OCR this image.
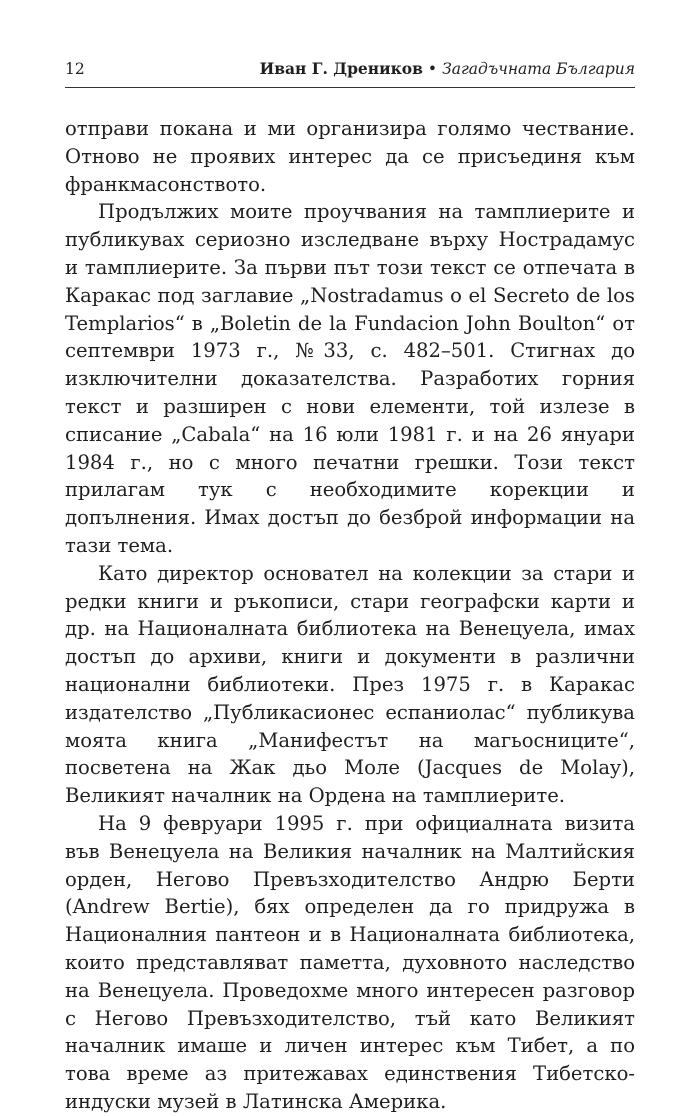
12	Иван Г. Дреников • Загадъчната България

отправи покана и ми организира голямо чествание. Отново не проявих интерес да се присъединя към франкмасонството.

Продължих моите проучвания на тамплиерите и публикувах сериозно изследване върху Нострадамус и тамплиерите. За първи път този текст се отпечата в Каракас под заглавие „Nostradamus o el Secreto de los Templarios“ в „Boletin de la Fundacion John Boulton“ от септември 1973 г., №33, с. 482–501. Стигнах до изключителни доказателства. Разработих горния текст и разширен с нови елементи, той излезе в списание „Cabala“ на 16 юли 1981 г. и на 26 януари 1984 г., но с много печатни грешки. Този текст прилагам тук с необходимите корекции и допълнения. Имах достъп до безброй информации на тази тема.

Като директор основател на колекции за стари и редки книги и ръкописи, стари географски карти и др. на Националната библиотека на Венецуела, имах достъп до архиви, книги и документи в различни национални библиотеки. През 1975 г. в Каракас издателство „Публикасионес еспаниолас“ публикува моята книга „Манифестът на магьосниците“, посветена на Жак дьо Моле (Jacques de Molay), Великият началник на Ордена на тамплиерите.

На 9 февруари 1995 г. при официалната визита във Венецуела на Великия началник на Малтийския орден, Негово Превъзходителство Андрю Берти (Andrew Bertie), бях определен да го придружа в Националния пантеон и в Националната библиотека, които представляват паметта, духовното наследство на Венецуела. Проведохме много интересен разговор с Негово Превъзходителство, тъй като Великият началник имаше и личен интерес към Тибет, а по това време аз притежавах единствения Тибетско-индуски музей в Латинска Америка.
